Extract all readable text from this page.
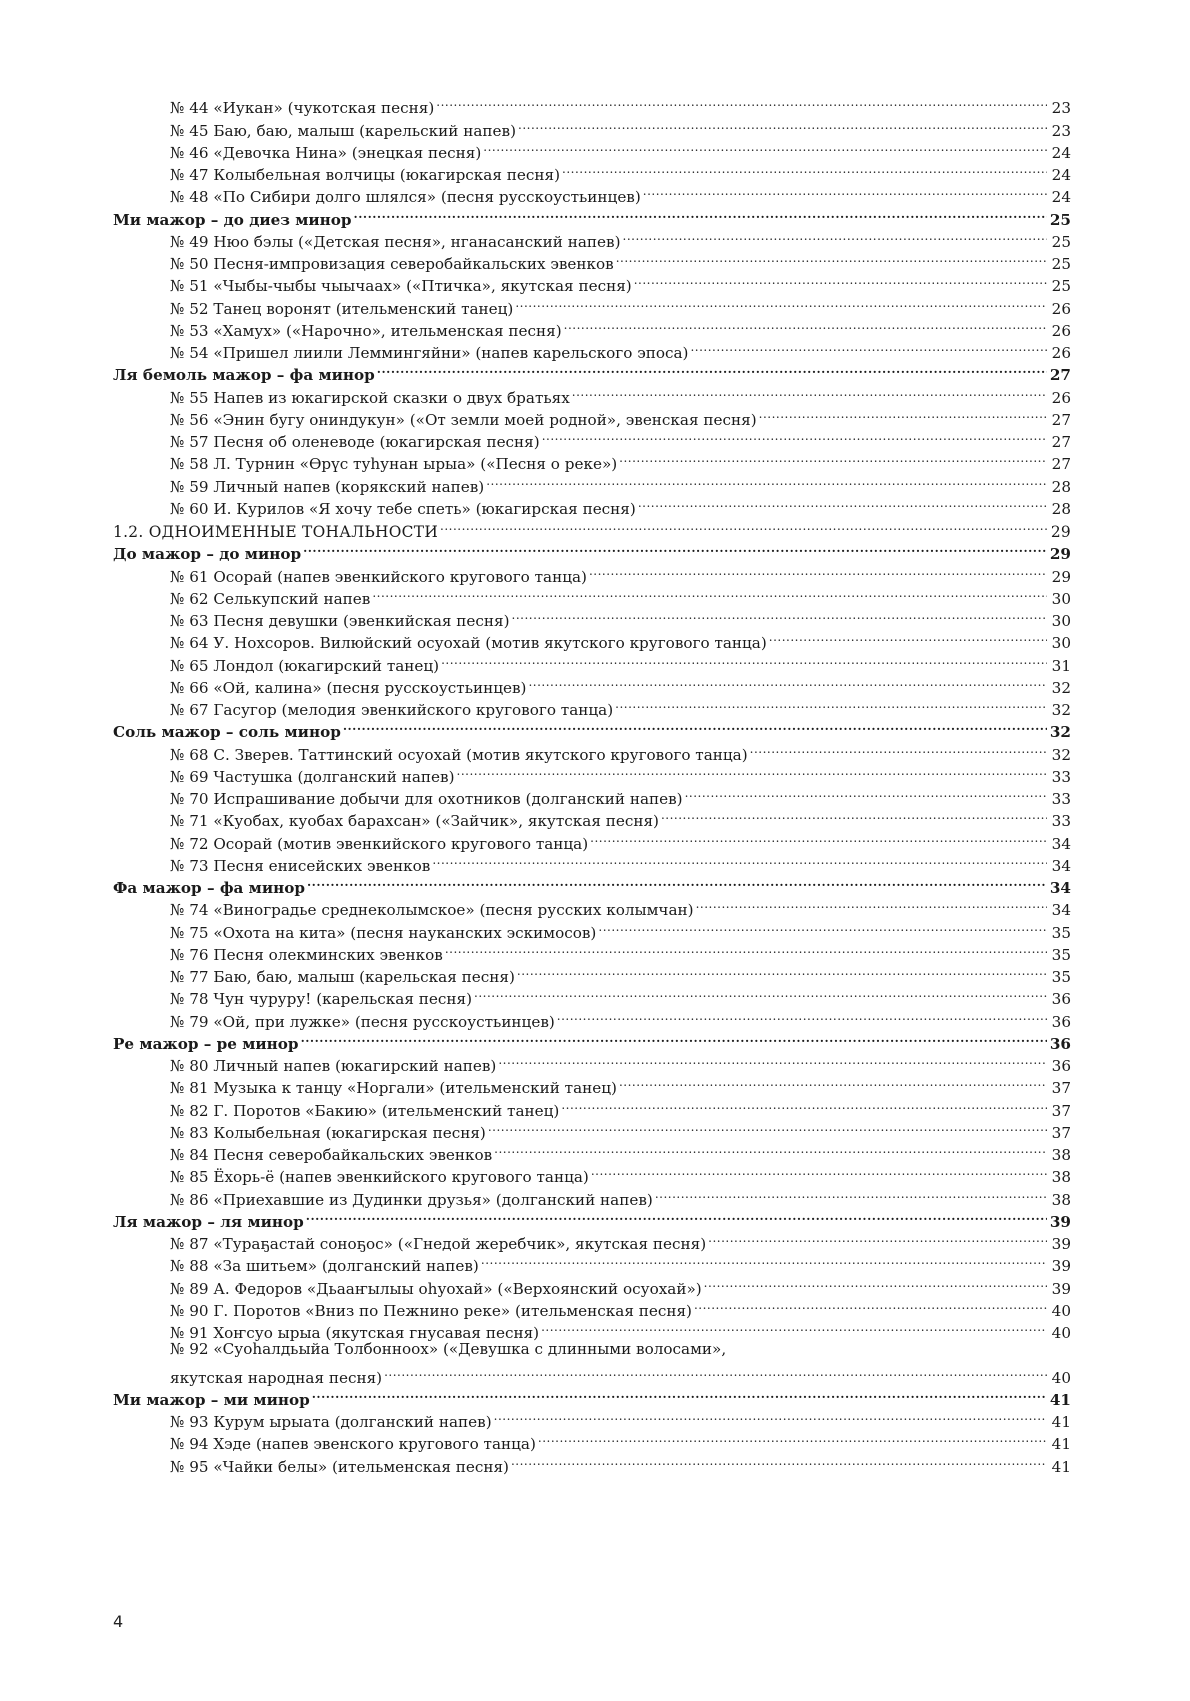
№ 44 «Иукан» (чукотская песня) .....	23
№ 45 Баю, баю, малыш (карельский напев) .....	23
№ 46 «Девочка Нина» (энецкая песня) .....	24
№ 47 Колыбельная волчицы (юкагирская песня) .....	24
№ 48 «По Сибири долго шлялся» (песня русскоустьинцев) .....	24
Ми мажор – до диез минор .....	25
№ 49 Нюо бэлы («Детская песня», нганасанский напев) .....	25
№ 50 Песня-импровизация северобайкальских эвенков .....	25
№ 51 «Чыбы-чыбы чыычаах» («Птичка», якутская песня) .....	25
№ 52 Танец воронят (ительменский танец) .....	26
№ 53 «Хамух» («Нарочно», ительменская песня) .....	26
№ 54 «Пришел лиили Леммингяйни» (напев карельского эпоса) .....	26
Ля бемоль мажор – фа минор .....	27
№ 55 Напев из юкагирской сказки о двух братьях .....	26
№ 56 «Энин бугу ониндукун» («От земли моей родной», эвенская песня) .....	27
№ 57 Песня об оленеводе (юкагирская песня) .....	27
№ 58 Л. Турнин «Өрүс туһунан ырыа» («Песня о реке») .....	27
№ 59 Личный напев (корякский напев) .....	28
№ 60 И. Курилов «Я хочу тебе спеть» (юкагирская песня) .....	28
1.2. ОДНОИМЕННЫЕ ТОНАЛЬНОСТИ .....	29
До мажор – до минор .....	29
№ 61 Осорай (напев эвенкийского кругового танца) .....	29
№ 62 Селькупский напев .....	30
№ 63 Песня девушки (эвенкийская песня) .....	30
№ 64 У. Нохсоров. Вилюйский осуохай (мотив якутского кругового танца) .....	30
№ 65 Лондол (юкагирский танец) .....	31
№ 66 «Ой, калина» (песня русскоустьинцев) .....	32
№ 67 Гасугор (мелодия эвенкийского кругового танца) .....	32
Соль мажор – соль минор .....	32
№ 68 С. Зверев. Таттинский осуохай (мотив якутского кругового танца) .....	32
№ 69 Частушка (долганский напев) .....	33
№ 70 Испрашивание добычи для охотников (долганский напев) .....	33
№ 71 «Куобах, куобах барахсан» («Зайчик», якутская песня) .....	33
№ 72 Осорай (мотив эвенкийского кругового танца) .....	34
№ 73 Песня енисейских эвенков .....	34
Фа мажор – фа минор .....	34
№ 74 «Виноградье среднеколымское» (песня русских колымчан) .....	34
№ 75 «Охота на кита» (песня науканских эскимосов) .....	35
№ 76 Песня олекминских эвенков .....	35
№ 77 Баю, баю, малыш (карельская песня) .....	35
№ 78 Чун чуруру! (карельская песня) .....	36
№ 79 «Ой, при лужке» (песня русскоустьинцев) .....	36
Ре мажор – ре минор .....	36
№ 80 Личный напев (юкагирский напев) .....	36
№ 81 Музыка к танцу «Норгали» (ительменский танец) .....	37
№ 82 Г. Поротов «Бакию» (ительменский танец) .....	37
№ 83 Колыбельная (юкагирская песня) .....	37
№ 84 Песня северобайкальских эвенков .....	38
№ 85 Ёхорь-ё (напев эвенкийского кругового танца) .....	38
№ 86 «Приехавшие из Дудинки друзья» (долганский напев) .....	38
Ля мажор – ля минор .....	39
№ 87 «Тураҕастай соноҕос» («Гнедой жеребчик», якутская песня) .....	39
№ 88 «За шитьем» (долганский напев) .....	39
№ 89 А. Федоров «Дьааҥылыы оһуохай» («Верхоянский осуохай») .....	39
№ 90 Г. Поротов «Вниз по Пежнино реке» (ительменская песня) .....	40
№ 91 Хоҥсуо ырыа (якутская гнусавая песня) .....	40
№ 92 «Суоһалдьыйа Толбонноох» («Девушка с длинными волосами»,
якутская народная песня) .....	40
Ми мажор – ми минор .....	41
№ 93 Курум ырыата (долганский напев) .....	41
№ 94 Хэде (напев эвенского кругового танца) .....	41
№ 95 «Чайки белы» (ительменская песня) .....	41
4
